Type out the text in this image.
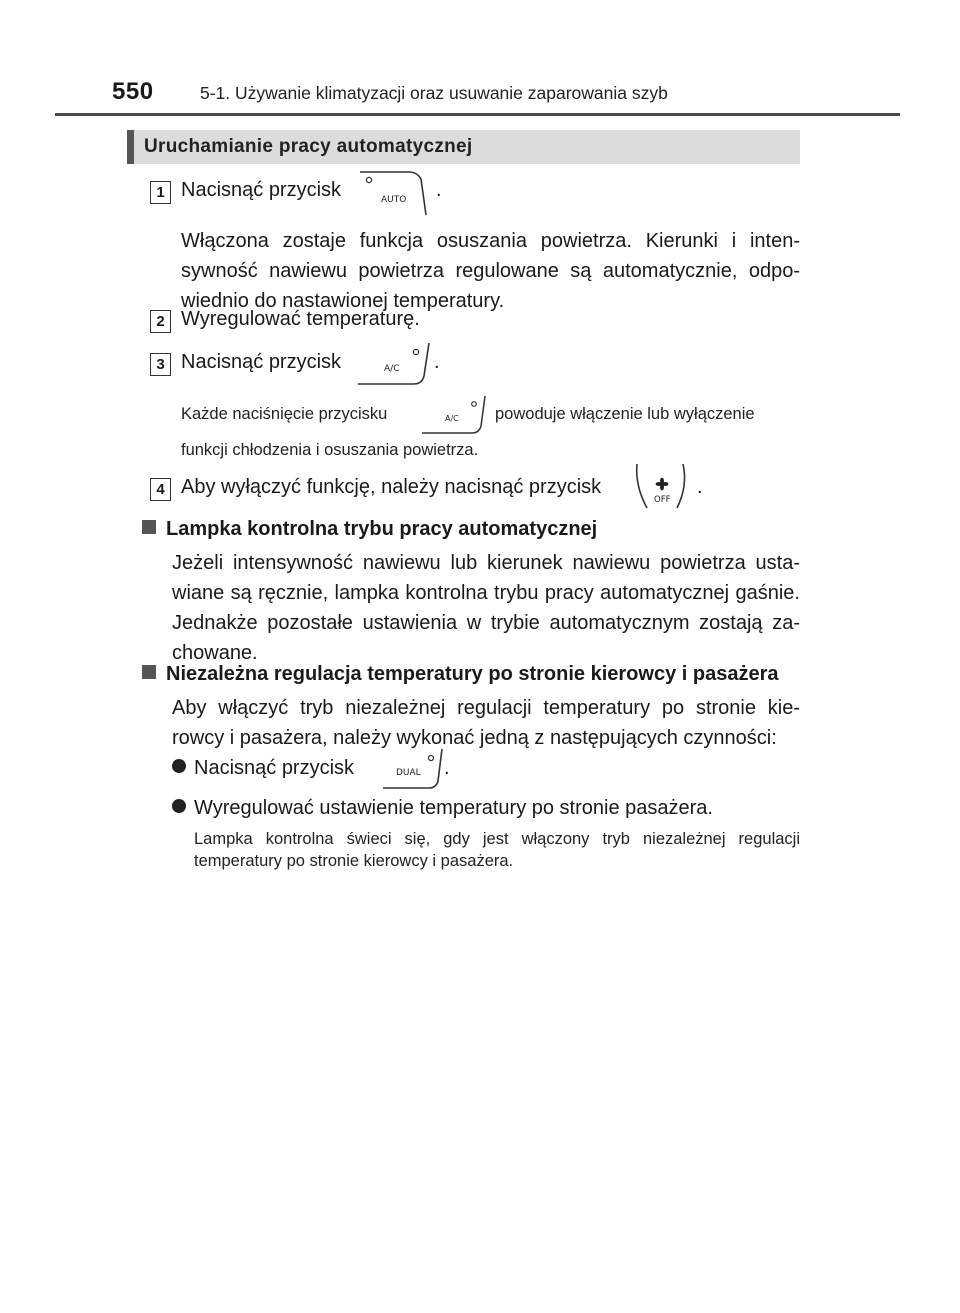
550	5-1. Używanie klimatyzacji oraz usuwanie zaparowania szyb
Uruchamianie pracy automatycznej
1 Nacisnąć przycisk	AUTO .
Włączona zostaje funkcja osuszania powietrza. Kierunki i inten-sywność nawiewu powietrza regulowane są automatycznie, odpo-wiednio do nastawionej temperatury.
2 Wyregulować temperaturę.
3 Nacisnąć przycisk	A/C .
Każde naciśnięcie przycisku	A/C powoduje włączenie lub wyłączenie
funkcji chłodzenia i osuszania powietrza.
4 Aby wyłączyć funkcję, należy nacisnąć przycisk
OFF
.
Lampka kontrolna trybu pracy automatycznej
Jeżeli intensywność nawiewu lub kierunek nawiewu powietrza usta-wiane są ręcznie, lampka kontrolna trybu pracy automatycznej gaśnie. Jednakże pozostałe ustawienia w trybie automatycznym zostają za-chowane.
Niezależna regulacja temperatury po stronie kierowcy i pasażera
Aby włączyć tryb niezależnej regulacji temperatury po stronie kie-rowcy i pasażera, należy wykonać jedną z następujących czynności:
Nacisnąć przycisk	DUAL .
Wyregulować ustawienie temperatury po stronie pasażera.
Lampka kontrolna świeci się, gdy jest włączony tryb niezależnej regulacji temperatury po stronie kierowcy i pasażera.
